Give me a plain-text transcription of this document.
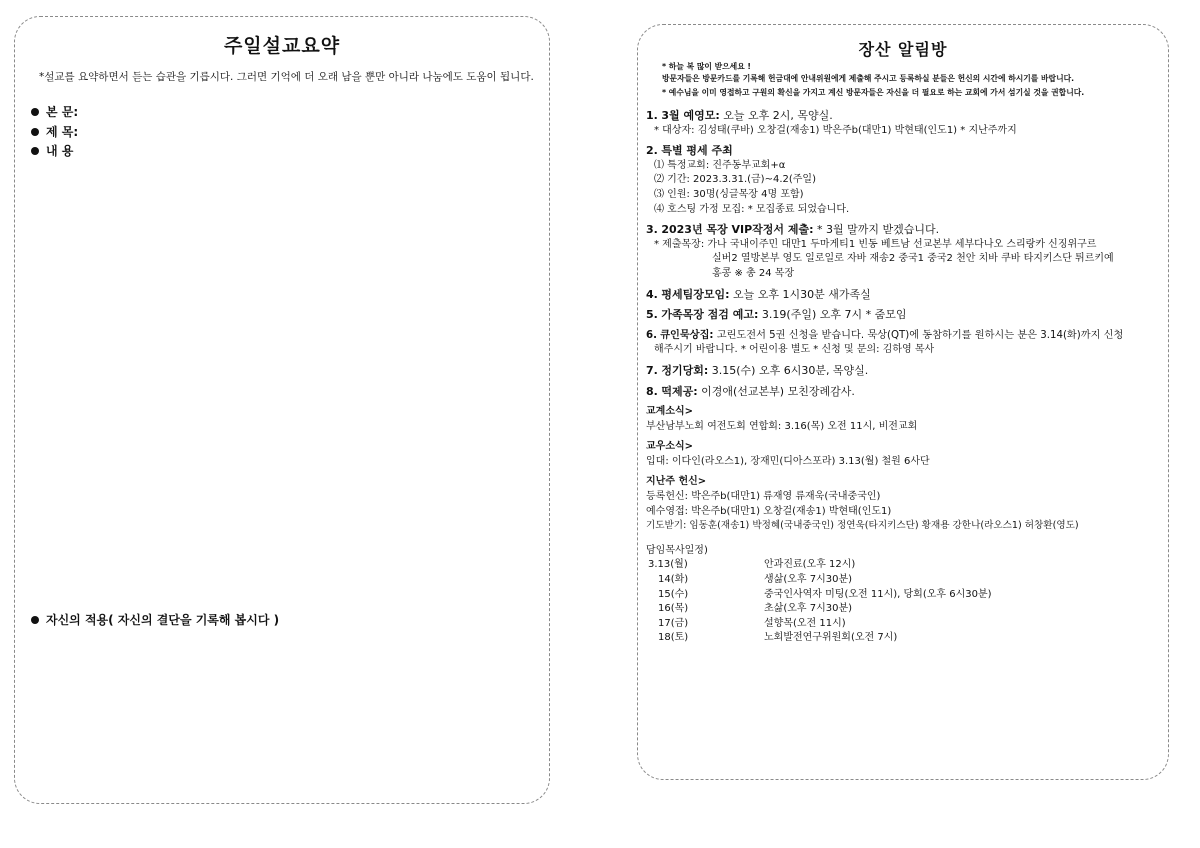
주일설교요약
*설교를 요약하면서 듣는 습관을 기릅시다. 그러면 기억에 더 오래 남을 뿐만 아니라 나눔에도 도움이 됩니다.
본 문:
제 목:
내 용
자신의 적용( 자신의 결단을 기록해 봅시다 )
장산 알림방
* 하늘 복 많이 받으세요 !
방문자들은 방문카드를 기록해 헌금대에 안내위원에게 제출해 주시고 등록하실 분들은 헌신의 시간에 하시기를 바랍니다.
* 예수님을 이미 영접하고 구원의 확신을 가지고 계신 방문자들은 자신을 더 필요로 하는 교회에 가서 섬기실 것을 권합니다.
1. 3월 예영모: 오늘 오후 2시, 목양실.
* 대상자: 김성태(쿠바) 오창걸(재송1) 박은주b(대만1) 박현태(인도1) * 지난주까지
2. 특별 평세 주최
⑴ 특정교회: 진주동부교회+α
⑵ 기간: 2023.3.31.(금)~4.2(주일)
⑶ 인원: 30명(싱글목장 4명 포함)
⑷ 호스팅 가정 모집: * 모집종료 되었습니다.
3. 2023년 목장 VIP작정서 제출: * 3월 말까지 받겠습니다.
* 제출목장: 가나 국내이주민 대만1 두마게티1 빈동 베트남 선교본부 세부다나오 스리랑카 신징위구르
실버2 열방본부 영도 일로일로 자바 재송2 중국1 중국2 천안 치바 쿠바 타지키스단 튀르키예
홍콩 ※ 총 24 목장
4. 평세팀장모임: 오늘 오후 1시30분 새가족실
5. 가족목장 점검 예고: 3.19(주일) 오후 7시 * 줌모임
6. 큐인묵상집: 고린도전서 5권 신청을 받습니다. 묵상(QT)에 동참하기를 원하시는 분은 3.14(화)까지 신청
해주시기 바랍니다. * 어린이용 별도 * 신청 및 문의: 김하영 목사
7. 정기당회: 3.15(수) 오후 6시30분, 목양실.
8. 떡제공: 이경애(선교본부) 모친장례감사.
교계소식>
부산남부노회 여전도회 연합회: 3.16(목) 오전 11시, 비전교회
교우소식>
입대: 이다인(라오스1), 장재민(디아스포라) 3.13(월) 철원 6사단
지난주 헌신>
등록헌신: 박은주b(대만1) 류재영 류재욱(국내중국인)
예수영접: 박은주b(대만1) 오창걸(재송1) 박현태(인도1)
기도받기: 임동훈(재송1) 박정혜(국내중국인) 정연욱(타지키스단) 황재용 강한나(라오스1) 허창환(영도)
담임목사일정)
3.13(월)	안과진료(오후 12시)
14(화)	생삶(오후 7시30분)
15(수)	중국인사역자 미팅(오전 11시), 당회(오후 6시30분)
16(목)	초삶(오후 7시30분)
17(금)	설향목(오전 11시)
18(토)	노회발전연구위원회(오전 7시)
